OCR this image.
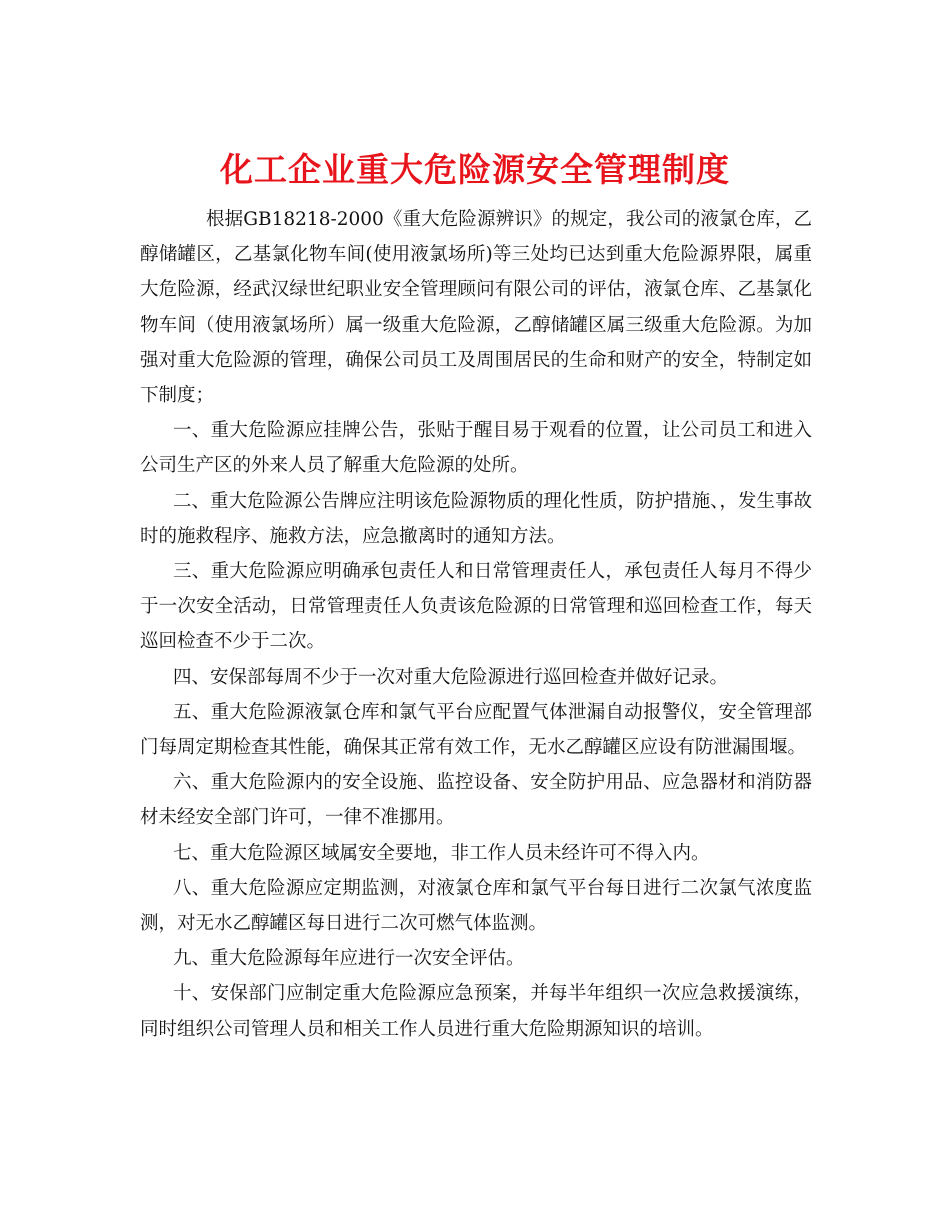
化工企业重大危险源安全管理制度

根据GB18218-2000《重大危险源辨识》的规定，我公司的液氯仓库，乙醇储罐区，乙基氯化物车间(使用液氯场所)等三处均已达到重大危险源界限，属重大危险源，经武汉绿世纪职业安全管理顾问有限公司的评估，液氯仓库、乙基氯化物车间（使用液氯场所）属一级重大危险源，乙醇储罐区属三级重大危险源。为加强对重大危险源的管理，确保公司员工及周围居民的生命和财产的安全，特制定如下制度；

一、重大危险源应挂牌公告，张贴于醒目易于观看的位置，让公司员工和进入公司生产区的外来人员了解重大危险源的处所。

二、重大危险源公告牌应注明该危险源物质的理化性质，防护措施、，发生事故时的施救程序、施救方法，应急撤离时的通知方法。

三、重大危险源应明确承包责任人和日常管理责任人，承包责任人每月不得少于一次安全活动，日常管理责任人负责该危险源的日常管理和巡回检查工作，每天巡回检查不少于二次。

四、安保部每周不少于一次对重大危险源进行巡回检查并做好记录。

五、重大危险源液氯仓库和氯气平台应配置气体泄漏自动报警仪，安全管理部门每周定期检查其性能，确保其正常有效工作，无水乙醇罐区应设有防泄漏围堰。

六、重大危险源内的安全设施、监控设备、安全防护用品、应急器材和消防器材未经安全部门许可，一律不准挪用。

七、重大危险源区域属安全要地，非工作人员未经许可不得入内。

八、重大危险源应定期监测，对液氯仓库和氯气平台每日进行二次氯气浓度监测，对无水乙醇罐区每日进行二次可燃气体监测。

九、重大危险源每年应进行一次安全评估。

十、安保部门应制定重大危险源应急预案，并每半年组织一次应急救援演练，同时组织公司管理人员和相关工作人员进行重大危险期源知识的培训。
